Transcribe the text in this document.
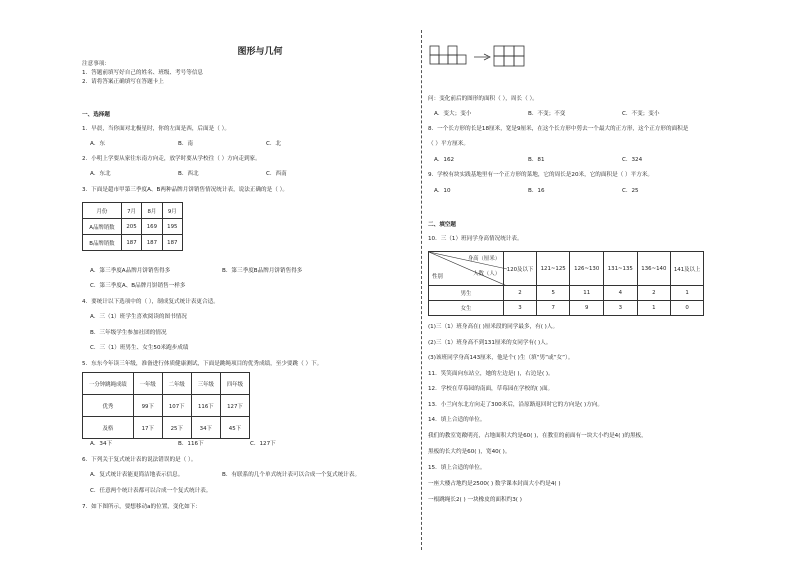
图形与几何
注意事项：
1．答题前填写好自己的姓名、班级、考号等信息
2．请将答案正确填写在答题卡上
一、选择题
1．早晨，当你面对北极星时，你的左面是西，后面是（ ）。
A．东	B．南	C．北
2．小明上学要从家往东南方向走，放学时要从学校往（ ）方向走到家。
A．东北	B．西北	C．西南
3．下面是超市甲第三季度A、B两种品牌月饼销售情况统计表，说法正确的是（ ）。
月份	7月	8月	9月
A品牌销数	205	169	195
B品牌销数	187	187	187
A．第三季度A品牌月饼销售得多	B．第三季度B品牌月饼销售得多
C．第三季度A、B品牌月饼销售一样多
4．要统计以下选项中的（ ），制成复式统计表更合适。
A．三（1）班学生喜欢阅读的图书情况
B．三年级学生参加社团的情况
C．三（1）班男生、女生50米跑步成绩
5．东东今年读三年级，准备进行体质健康测试，下面是跳绳项目的优秀成绩，至少要跳（ ）下。
一分钟跳绳成绩	一年级	二年级	三年级	四年级
优秀	99下	107下	116下	127下
及格	17下	25下	34下	45下
A．34下	B．116下	C．127下
6．下列关于复式统计表的说法错误的是（ ）。
A．复式统计表能更简洁地表示信息。	B．有联系的几个单式统计表可以合成一个复式统计表。
C．任意两个统计表都可以合成一个复式统计表。
7．如下图所示，要想移动a的位置，变化如下：
问：变化前后的图形的面积（ ），周长（ ）。
A．变大；变小	B．不变；不变	C．不变；变小
8．一个长方形的长是18厘米，宽是9厘米，在这个长方形中剪去一个最大的正方形，这个正方形的面积是
（ ）平方厘米。
A．162	B．81	C．324
9．学校有块实践基地里有一个正方形的菜地，它的周长是20米，它的面积是（ ）平方米。
A．10	B．16	C．25
二、填空题
10．三（1）班同学身高情况统计表。
身高（厘米）
人数（人）
性别	120及以下	121~125	126~130	131~135	136~140	141及以上
男生	2	5	11	4	2	1
女生	3	7	9	3	1	0
(1)三（1）班身高在( )厘米段的同学最多，有( )人。
(2)三（1）班身高不到131厘米的女同学有( )人。
(3)该班同学身高143厘米，他是个( )生（填“男”或“女”）。
11．笑笑面向东站立，她的左边是( )，右边是( )。
12．学校在草莓园的南面，草莓园在学校的( )面。
13．小兰向东北方向走了300米后，沿原路返回时它的方向是( )方向。
14．填上合适的单位。
我们的教室宽敞明亮，占地面积大约是60( )，在教室的前面有一块大小约是4( )的黑板，
黑板的长大约是60( )，宽40( )。
15．填上合适的单位。
一座大楼占地约是2500( ) 数学课本封面大小约是4( )
一根跳绳长2( ) 一块橡皮的面积约3( )
